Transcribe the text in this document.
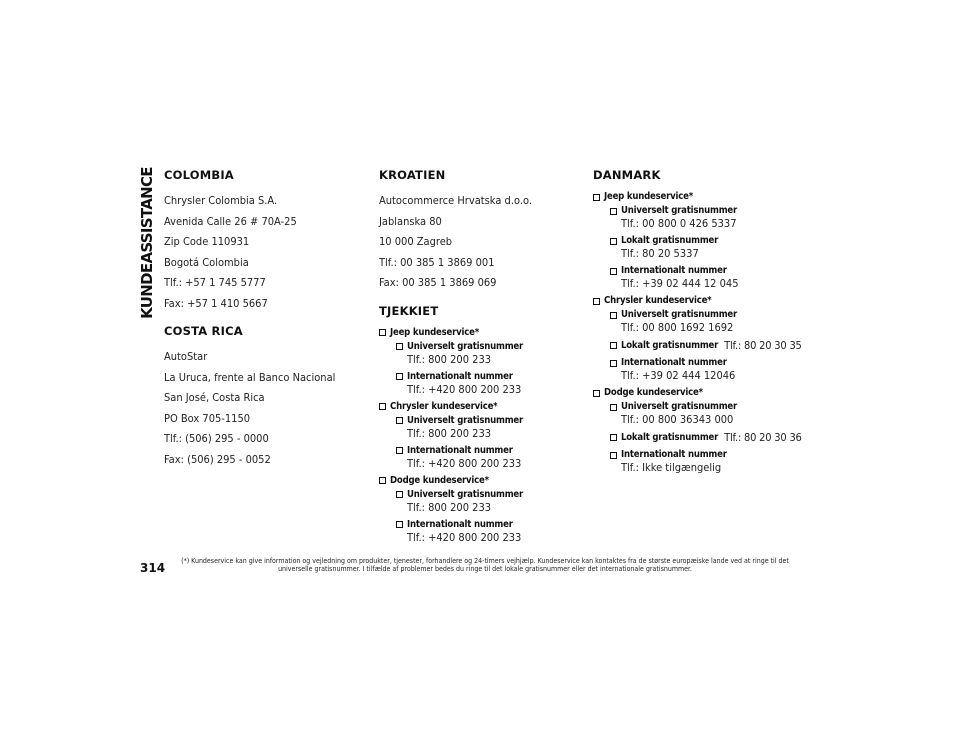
KUNDEASSISTANCE COLOMBIA
Chrysler Colombia S.A.
Avenida Calle 26 # 70A-25
Zip Code 110931
Bogotá Colombia
Tlf.: +57 1 745 5777
Fax: +57 1 410 5667
COSTA RICA
AutoStar
La Uruca, frente al Banco Nacional
San José, Costa Rica
PO Box 705-1150
Tlf.: (506) 295 - 0000
Fax: (506) 295 - 0052
KROATIEN
Autocommerce Hrvatska d.o.o.
Jablanska 80
10 000 Zagreb
Tlf.: 00 385 1 3869 001
Fax: 00 385 1 3869 069
TJEKKIET
Jeep kundeservice*
Universelt gratisnummer
Tlf.: 800 200 233
Internationalt nummer
Tlf.: +420 800 200 233
Chrysler kundeservice*
Universelt gratisnummer
Tlf.: 800 200 233
Internationalt nummer
Tlf.: +420 800 200 233
Dodge kundeservice*
Universelt gratisnummer
Tlf.: 800 200 233
Internationalt nummer
Tlf.: +420 800 200 233
DANMARK
Jeep kundeservice*
Universelt gratisnummer
Tlf.: 00 800 0 426 5337
Lokalt gratisnummer
Tlf.: 80 20 5337
Internationalt nummer
Tlf.: +39 02 444 12 045
Chrysler kundeservice*
Universelt gratisnummer
Tlf.: 00 800 1692 1692
Lokalt gratisnummer Tlf.: 80 20 30 35
Internationalt nummer
Tlf.: +39 02 444 12046
Dodge kundeservice*
Universelt gratisnummer
Tlf.: 00 800 36343 000
Lokalt gratisnummer Tlf.: 80 20 30 36
Internationalt nummer
Tlf.: Ikke tilgængelig
314	(*) Kundeservice kan give information og vejledning om produkter, tjenester, forhandlere og 24-timers vejhjælp. Kundeservice kan kontaktes fra de største europæiske lande ved at ringe til det universelle gratisnummer. I tilfælde af problemer bedes du ringe til det lokale gratisnummer eller det internationale gratisnummer.
